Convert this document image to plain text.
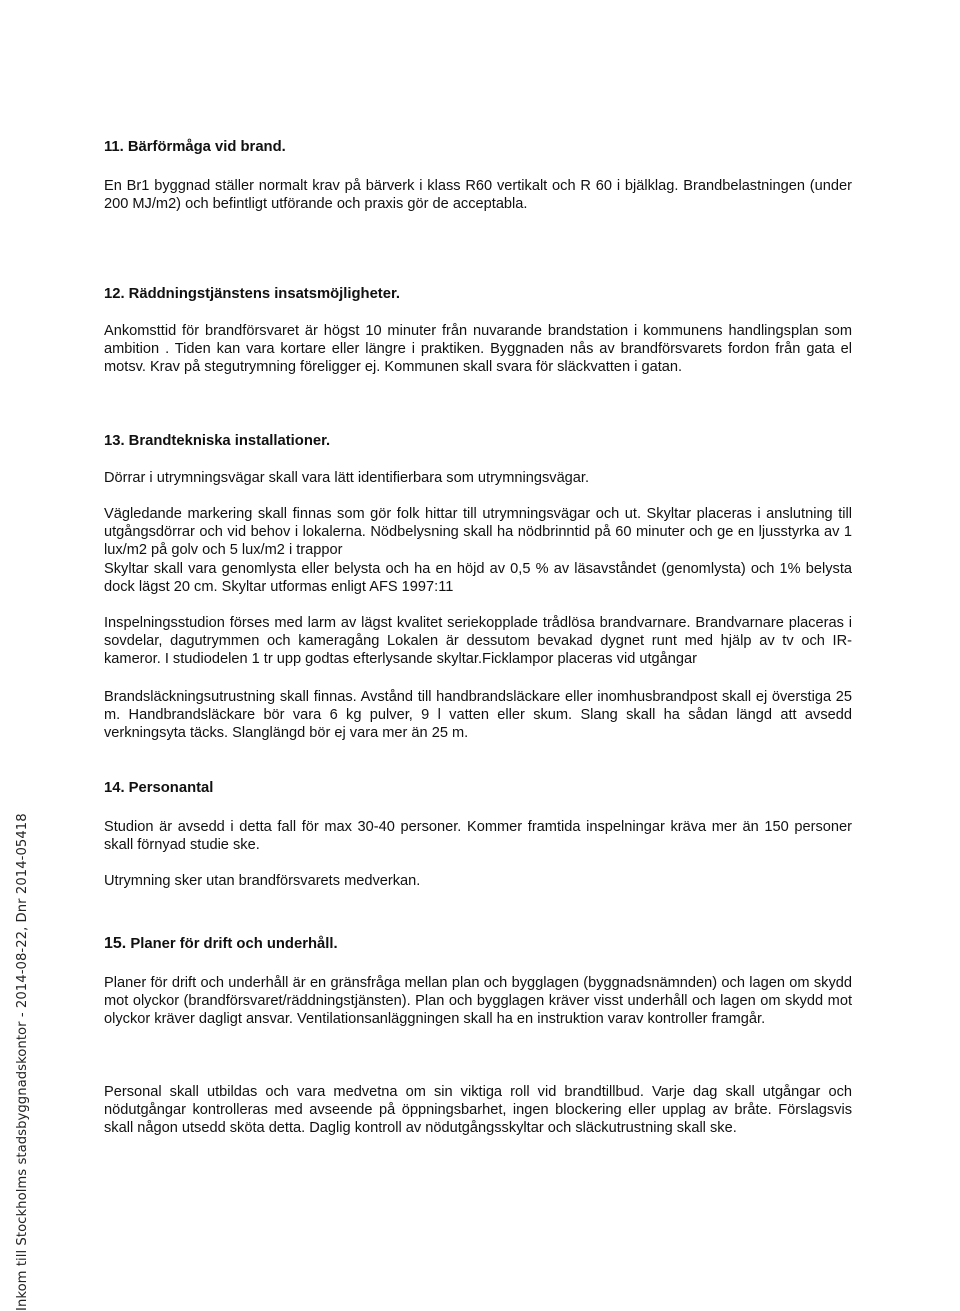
Inkom till Stockholms stadsbyggnadskontor - 2014-08-22, Dnr 2014-05418
11. Bärförmåga vid brand.

En Br1 byggnad ställer normalt krav på bärverk i klass R60 vertikalt och R 60 i bjälklag. Brandbelastningen (under 200 MJ/m2) och befintligt utförande och praxis gör de acceptabla.

12. Räddningstjänstens insatsmöjligheter.

Ankomsttid för brandförsvaret är högst 10 minuter från nuvarande brandstation i kommunens handlingsplan som ambition . Tiden kan vara kortare eller längre i praktiken. Byggnaden nås av brandförsvarets fordon från gata el motsv. Krav på stegutrymning föreligger ej. Kommunen skall svara för släckvatten i gatan.

13. Brandtekniska installationer.

Dörrar i utrymningsvägar skall vara lätt identifierbara som utrymningsvägar.

Vägledande markering skall finnas som gör folk hittar till utrymningsvägar och ut. Skyltar placeras i anslutning till utgångsdörrar och vid behov i lokalerna. Nödbelysning skall ha nödbrinntid på 60 minuter och ge en ljusstyrka av 1 lux/m2 på golv och 5 lux/m2 i trappor

Skyltar skall vara genomlysta eller belysta och ha en höjd av 0,5 % av läsavståndet (genomlysta) och 1% belysta dock lägst 20 cm. Skyltar utformas enligt AFS 1997:11

Inspelningsstudion förses med larm av lägst kvalitet seriekopplade trådlösa brandvarnare. Brandvarnare placeras i sovdelar, dagutrymmen och kameragång Lokalen är dessutom bevakad dygnet runt med hjälp av tv och IR-kameror. I studiodelen 1 tr upp godtas efterlysande skyltar.Ficklampor placeras vid utgångar

Brandsläckningsutrustning skall finnas. Avstånd till handbrandsläckare eller inomhusbrandpost skall ej överstiga 25 m. Handbrandsläckare bör vara 6 kg pulver, 9 l vatten eller skum. Slang skall ha sådan längd att avsedd verkningsyta täcks. Slanglängd bör ej vara mer än 25 m.

14. Personantal

Studion är avsedd i detta fall för max 30-40 personer. Kommer framtida inspelningar kräva mer än 150 personer skall förnyad studie ske.

Utrymning sker utan brandförsvarets medverkan.

15. Planer för drift och underhåll.

Planer för drift och underhåll är en gränsfråga mellan plan och bygglagen (byggnadsnämnden) och lagen om skydd mot olyckor (brandförsvaret/räddningstjänsten). Plan och bygglagen kräver visst underhåll och lagen om skydd mot olyckor kräver dagligt ansvar. Ventilationsanläggningen skall ha en instruktion varav kontroller framgår.

Personal skall utbildas och vara medvetna om sin viktiga roll vid brandtillbud. Varje dag skall utgångar och nödutgångar kontrolleras med avseende på öppningsbarhet, ingen blockering eller upplag av bråte. Förslagsvis skall någon utsedd sköta detta. Daglig kontroll av nödutgångsskyltar och släckutrustning skall ske.
